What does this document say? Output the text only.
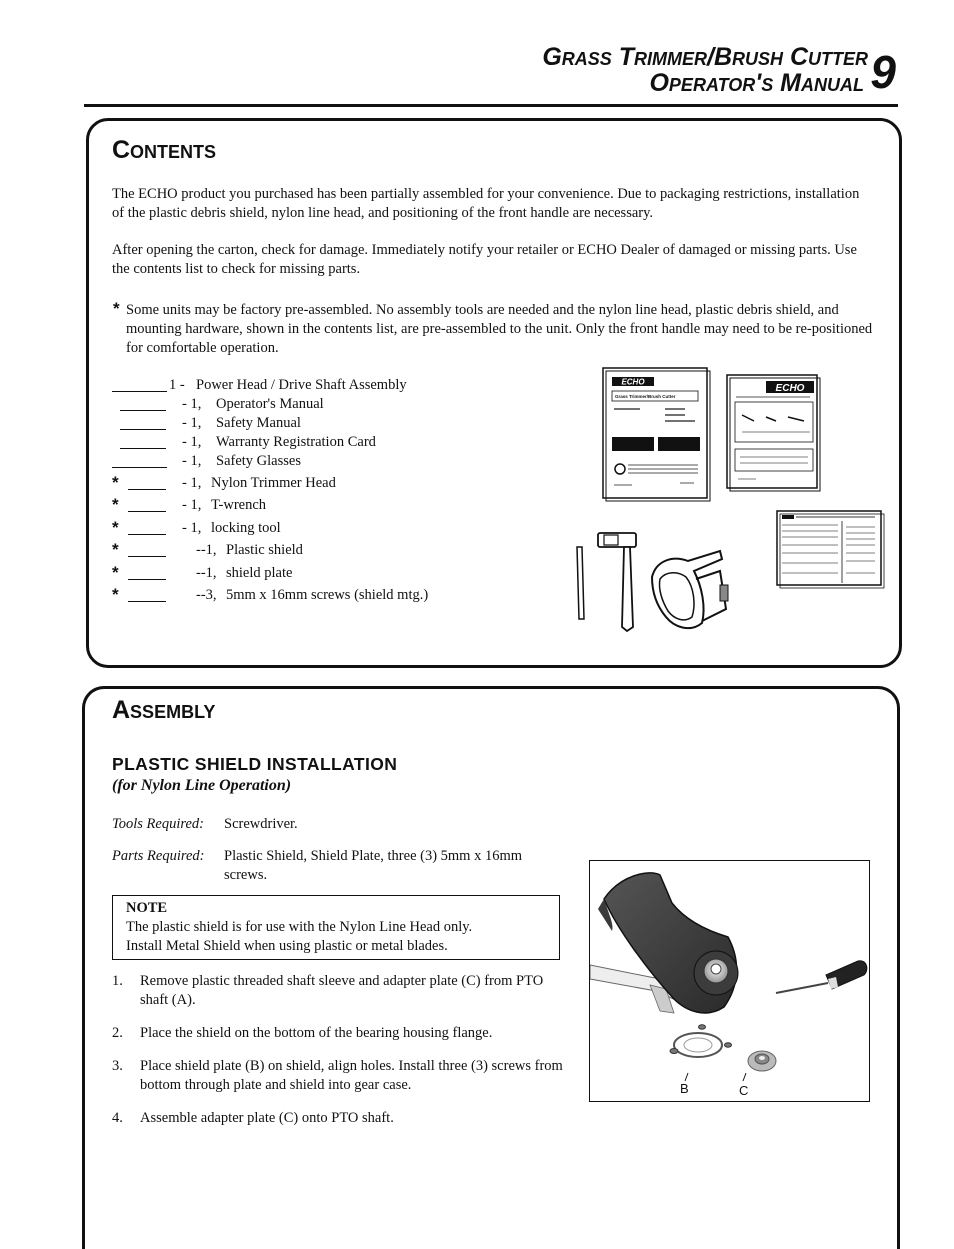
Grass Trimmer/Brush Cutter
Operator's Manual 9
Contents
The ECHO product you purchased has been partially assembled for your convenience. Due to packaging restrictions, installation of the plastic debris shield, nylon line head, and positioning of the front handle are necessary.
After opening the carton, check for damage. Immediately notify your retailer or ECHO Dealer of damaged or missing parts. Use the contents list to check for missing parts.
* Some units may be factory pre-assembled. No assembly tools are needed and the nylon line head, plastic debris shield, and mounting hardware, shown in the contents list, are pre-assembled to the unit. Only the front handle may need to be re-positioned for comfortable operation.
1 - Power Head / Drive Shaft Assembly
- 1, Operator's Manual
- 1, Safety Manual
- 1, Warranty Registration Card
- 1, Safety Glasses
*	- 1, Nylon Trimmer Head
*	- 1, T-wrench
*	- 1, locking tool
*	--1, Plastic shield
*	--1, shield plate
*	--3, 5mm x 16mm screws (shield mtg.)
ECHO
Grass Trimmer/Brush Cutter
ECHO
Assembly
PLASTIC SHIELD INSTALLATION
(for Nylon Line Operation)
Tools Required: Screwdriver.
Parts Required: Plastic Shield, Shield Plate, three (3) 5mm x 16mm screws.
NOTE
The plastic shield is for use with the Nylon Line Head only.
Install Metal Shield when using plastic or metal blades.
1. Remove plastic threaded shaft sleeve and adapter plate (C) from PTO shaft (A).
2. Place the shield on the bottom of the bearing housing flange.
3. Place shield plate (B) on shield, align holes. Install three (3) screws from bottom through plate and shield into gear case.
4. Assemble adapter plate (C) onto PTO shaft.
B	C
